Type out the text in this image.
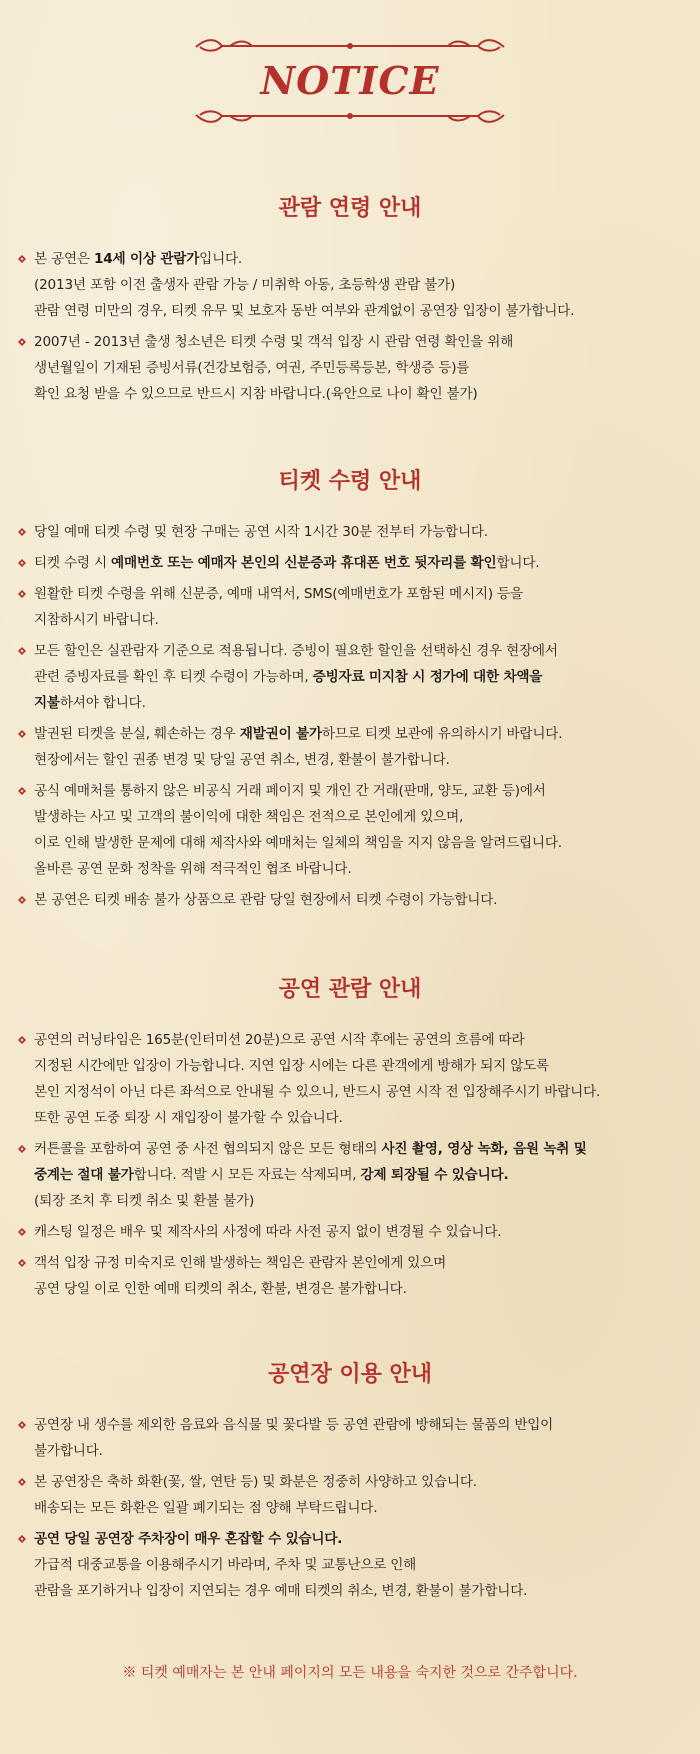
NOTICE
관람 연령 안내
본 공연은 14세 이상 관람가입니다.
(2013년 포함 이전 출생자 관람 가능 / 미취학 아동, 초등학생 관람 불가)
관람 연령 미만의 경우, 티켓 유무 및 보호자 동반 여부와 관계없이 공연장 입장이 불가합니다.
2007년 - 2013년 출생 청소년은 티켓 수령 및 객석 입장 시 관람 연령 확인을 위해
생년월일이 기재된 증빙서류(건강보험증, 여권, 주민등록등본, 학생증 등)를
확인 요청 받을 수 있으므로 반드시 지참 바랍니다.(육안으로 나이 확인 불가)
티켓 수령 안내
당일 예매 티켓 수령 및 현장 구매는 공연 시작 1시간 30분 전부터 가능합니다.
티켓 수령 시 예매번호 또는 예매자 본인의 신분증과 휴대폰 번호 뒷자리를 확인합니다.
원활한 티켓 수령을 위해 신분증, 예매 내역서, SMS(예매번호가 포함된 메시지) 등을
지참하시기 바랍니다.
모든 할인은 실관람자 기준으로 적용됩니다. 증빙이 필요한 할인을 선택하신 경우 현장에서
관련 증빙자료를 확인 후 티켓 수령이 가능하며, 증빙자료 미지참 시 정가에 대한 차액을
지불하셔야 합니다.
발권된 티켓을 분실, 훼손하는 경우 재발권이 불가하므로 티켓 보관에 유의하시기 바랍니다.
현장에서는 할인 권종 변경 및 당일 공연 취소, 변경, 환불이 불가합니다.
공식 예매처를 통하지 않은 비공식 거래 페이지 및 개인 간 거래(판매, 양도, 교환 등)에서
발생하는 사고 및 고객의 불이익에 대한 책임은 전적으로 본인에게 있으며,
이로 인해 발생한 문제에 대해 제작사와 예매처는 일체의 책임을 지지 않음을 알려드립니다.
올바른 공연 문화 정착을 위해 적극적인 협조 바랍니다.
본 공연은 티켓 배송 불가 상품으로 관람 당일 현장에서 티켓 수령이 가능합니다.
공연 관람 안내
공연의 러닝타임은 165분(인터미션 20분)으로 공연 시작 후에는 공연의 흐름에 따라
지정된 시간에만 입장이 가능합니다. 지연 입장 시에는 다른 관객에게 방해가 되지 않도록
본인 지정석이 아닌 다른 좌석으로 안내될 수 있으니, 반드시 공연 시작 전 입장해주시기 바랍니다.
또한 공연 도중 퇴장 시 재입장이 불가할 수 있습니다.
커튼콜을 포함하여 공연 중 사전 협의되지 않은 모든 형태의 사진 촬영, 영상 녹화, 음원 녹취 및
중계는 절대 불가합니다. 적발 시 모든 자료는 삭제되며, 강제 퇴장될 수 있습니다.
(퇴장 조치 후 티켓 취소 및 환불 불가)
캐스팅 일정은 배우 및 제작사의 사정에 따라 사전 공지 없이 변경될 수 있습니다.
객석 입장 규정 미숙지로 인해 발생하는 책임은 관람자 본인에게 있으며
공연 당일 이로 인한 예매 티켓의 취소, 환불, 변경은 불가합니다.
공연장 이용 안내
공연장 내 생수를 제외한 음료와 음식물 및 꽃다발 등 공연 관람에 방해되는 물품의 반입이
불가합니다.
본 공연장은 축하 화환(꽃, 쌀, 연탄 등) 및 화분은 정중히 사양하고 있습니다.
배송되는 모든 화환은 일괄 폐기되는 점 양해 부탁드립니다.
공연 당일 공연장 주차장이 매우 혼잡할 수 있습니다.
가급적 대중교통을 이용해주시기 바라며, 주차 및 교통난으로 인해
관람을 포기하거나 입장이 지연되는 경우 예매 티켓의 취소, 변경, 환불이 불가합니다.
※ 티켓 예매자는 본 안내 페이지의 모든 내용을 숙지한 것으로 간주합니다.
